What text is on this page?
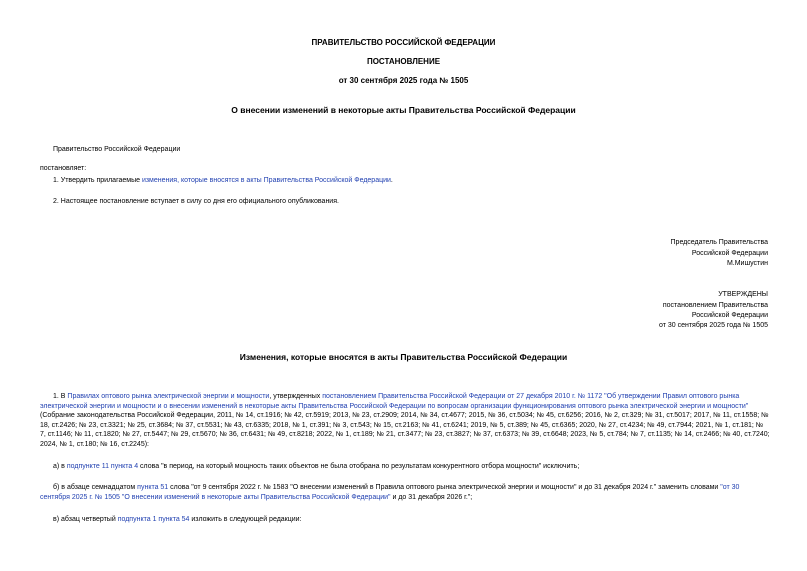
ПРАВИТЕЛЬСТВО РОССИЙСКОЙ ФЕДЕРАЦИИ
ПОСТАНОВЛЕНИЕ
от 30 сентября 2025 года № 1505
О внесении изменений в некоторые акты Правительства Российской Федерации
Правительство Российской Федерации
постановляет:
1. Утвердить прилагаемые изменения, которые вносятся в акты Правительства Российской Федерации.
2. Настоящее постановление вступает в силу со дня его официального опубликования.
Председатель Правительства
Российской Федерации
М.Мишустин
УТВЕРЖДЕНЫ
постановлением Правительства
Российской Федерации
от 30 сентября 2025 года № 1505
Изменения, которые вносятся в акты Правительства Российской Федерации
1. В Правилах оптового рынка электрической энергии и мощности, утвержденных постановлением Правительства Российской Федерации от 27 декабря 2010 г. № 1172 "Об утверждении Правил оптового рынка электрической энергии и мощности и о внесении изменений в некоторые акты Правительства Российской Федерации по вопросам организации функционирования оптового рынка электрической энергии и мощности" (Собрание законодательства Российской Федерации, 2011, № 14, ст.1916; № 42, ст.5919; 2013, № 23, ст.2909; 2014, № 34, ст.4677; 2015, № 36, ст.5034; № 45, ст.6256; 2016, № 2, ст.329; № 31, ст.5017; 2017, № 11, ст.1558; № 18, ст.2426; № 23, ст.3321; № 25, ст.3684; № 37, ст.5531; № 43, ст.6335; 2018, № 1, ст.391; № 3, ст.543; № 15, ст.2163; № 41, ст.6241; 2019, № 5, ст.389; № 45, ст.6365; 2020, № 27, ст.4234; № 49, ст.7944; 2021, № 1, ст.181; № 7, ст.1146; № 11, ст.1820; № 27, ст.5447; № 29, ст.5670; № 36, ст.6431; № 49, ст.8218; 2022, № 1, ст.189; № 21, ст.3477; № 23, ст.3827; № 37, ст.6373; № 39, ст.6648; 2023, № 5, ст.784; № 7, ст.1135; № 14, ст.2466; № 40, ст.7240; 2024, № 1, ст.180; № 16, ст.2245):
а) в подпункте 11 пункта 4 слова "в период, на который мощность таких объектов не была отобрана по результатам конкурентного отбора мощности" исключить;
б) в абзаце семнадцатом пункта 51 слова "от 9 сентября 2022 г. № 1583 "О внесении изменений в Правила оптового рынка электрической энергии и мощности" и до 31 декабря 2024 г." заменить словами "от 30 сентября 2025 г. № 1505 "О внесении изменений в некоторые акты Правительства Российской Федерации" и до 31 декабря 2026 г.";
в) абзац четвертый подпункта 1 пункта 54 изложить в следующей редакции:
